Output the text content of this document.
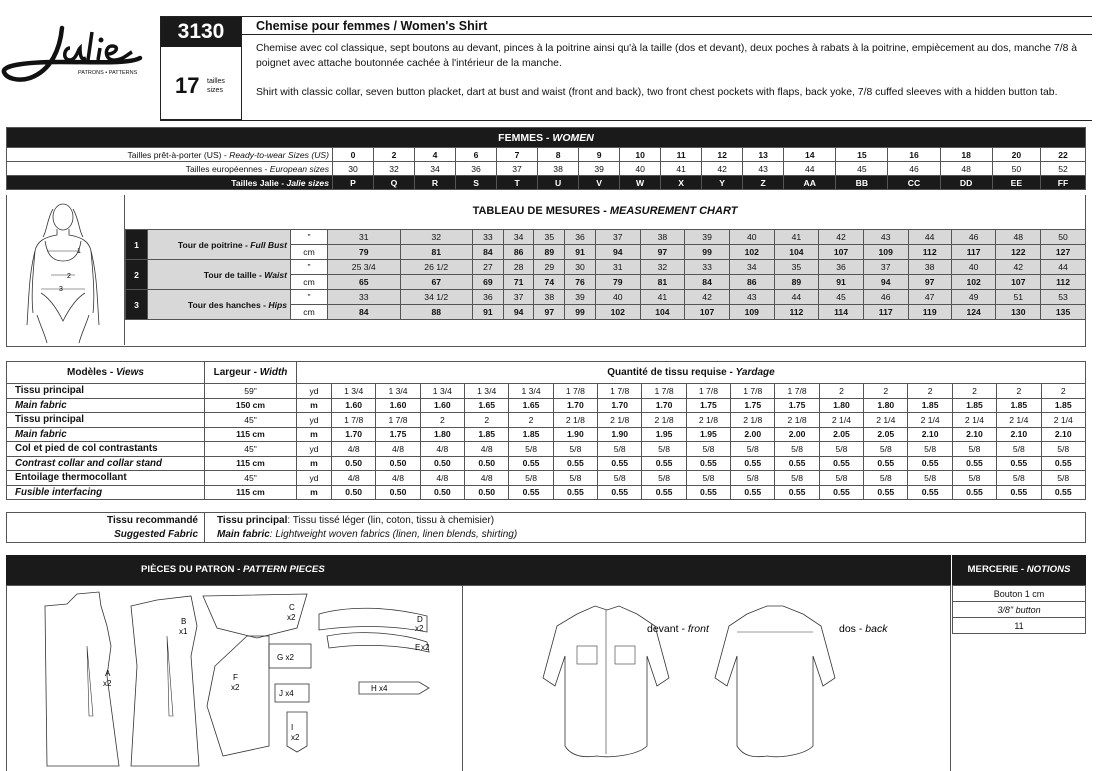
PATRONS • PATTERNS
3130
17 tailles
sizes
Chemise pour femmes / Women's Shirt
Chemise avec col classique, sept boutons au devant, pinces à la poitrine ainsi qu'à la taille (dos et devant), deux poches à rabats à la poitrine, empiècement au dos, manche 7/8 à poignet avec attache boutonnée cachée à l'intérieur de la manche.
Shirt with classic collar, seven button placket, dart at bust and waist (front and back), two front chest pockets with flaps, back yoke, 7/8 cuffed sleeves with a hidden button tab.
FEMMES - WOMEN																	
Tailles prêt-à-porter (US) - Ready-to-wear Sizes (US)	0	2	4	6	7	8	9	10	11	12	13	14	15	16	18	20	22
Tailles européennes - European sizes	30	32	34	36	37	38	39	40	41	42	43	44	45	46	48	50	52
Tailles Jalie - Jalie sizes	P	Q	R	S	T	U	V	W	X	Y	Z	AA	BB	CC	DD	EE	FF
1
2
3
TABLEAU DE MESURES - MEASUREMENT CHART
1	Tour de poitrine - Full Bust	"	31	32	33	34	35	36	37	38	39	40	41	42	43	44	46	48	50
		cm	79	81	84	86	89	91	94	97	99	102	104	107	109	112	117	122	127
2	Tour de taille - Waist	"	25 3/4	26 1/2	27	28	29	30	31	32	33	34	35	36	37	38	40	42	44
		cm	65	67	69	71	74	76	79	81	84	86	89	91	94	97	102	107	112
3	Tour des hanches - Hips	"	33	34 1/2	36	37	38	39	40	41	42	43	44	45	46	47	49	51	53
		cm	84	88	91	94	97	99	102	104	107	109	112	114	117	119	124	130	135
Modèles - Views	Largeur - Width	Quantité de tissu requise - Yardage																	
Tissu principal	59"	yd	1 3/4	1 3/4	1 3/4	1 3/4	1 3/4	1 7/8	1 7/8	1 7/8	1 7/8	1 7/8	1 7/8	2	2	2	2	2	2
Main fabric	150 cm	m	1.60	1.60	1.60	1.65	1.65	1.70	1.70	1.70	1.75	1.75	1.75	1.80	1.80	1.85	1.85	1.85	1.85
Tissu principal	45"	yd	1 7/8	1 7/8	2	2	2	2 1/8	2 1/8	2 1/8	2 1/8	2 1/8	2 1/8	2 1/4	2 1/4	2 1/4	2 1/4	2 1/4	2 1/4
Main fabric	115 cm	m	1.70	1.75	1.80	1.85	1.85	1.90	1.90	1.95	1.95	2.00	2.00	2.05	2.05	2.10	2.10	2.10	2.10
Col et pied de col contrastants	45"	yd	4/8	4/8	4/8	4/8	5/8	5/8	5/8	5/8	5/8	5/8	5/8	5/8	5/8	5/8	5/8	5/8	5/8
Contrast collar and collar stand	115 cm	m	0.50	0.50	0.50	0.50	0.55	0.55	0.55	0.55	0.55	0.55	0.55	0.55	0.55	0.55	0.55	0.55	0.55
Entoilage thermocollant	45"	yd	4/8	4/8	4/8	4/8	5/8	5/8	5/8	5/8	5/8	5/8	5/8	5/8	5/8	5/8	5/8	5/8	5/8
Fusible interfacing	115 cm	m	0.50	0.50	0.50	0.50	0.55	0.55	0.55	0.55	0.55	0.55	0.55	0.55	0.55	0.55	0.55	0.55	0.55
Tissu recommandé
Suggested Fabric
Tissu principal: Tissu tissé léger (lin, coton, tissu à chemisier)
Main fabric: Lightweight woven fabrics (linen, linen blends, shirting)
PIÈCES DU PATRON - PATTERN PIECES	MERCERIE - NOTIONS
A
x2
B
x1
C
x2	D
x2
E x2
F
x2
G x2
H x4
J x4
I
x2
devant - front	dos - back
Bouton 1 cm
3/8" button
11
